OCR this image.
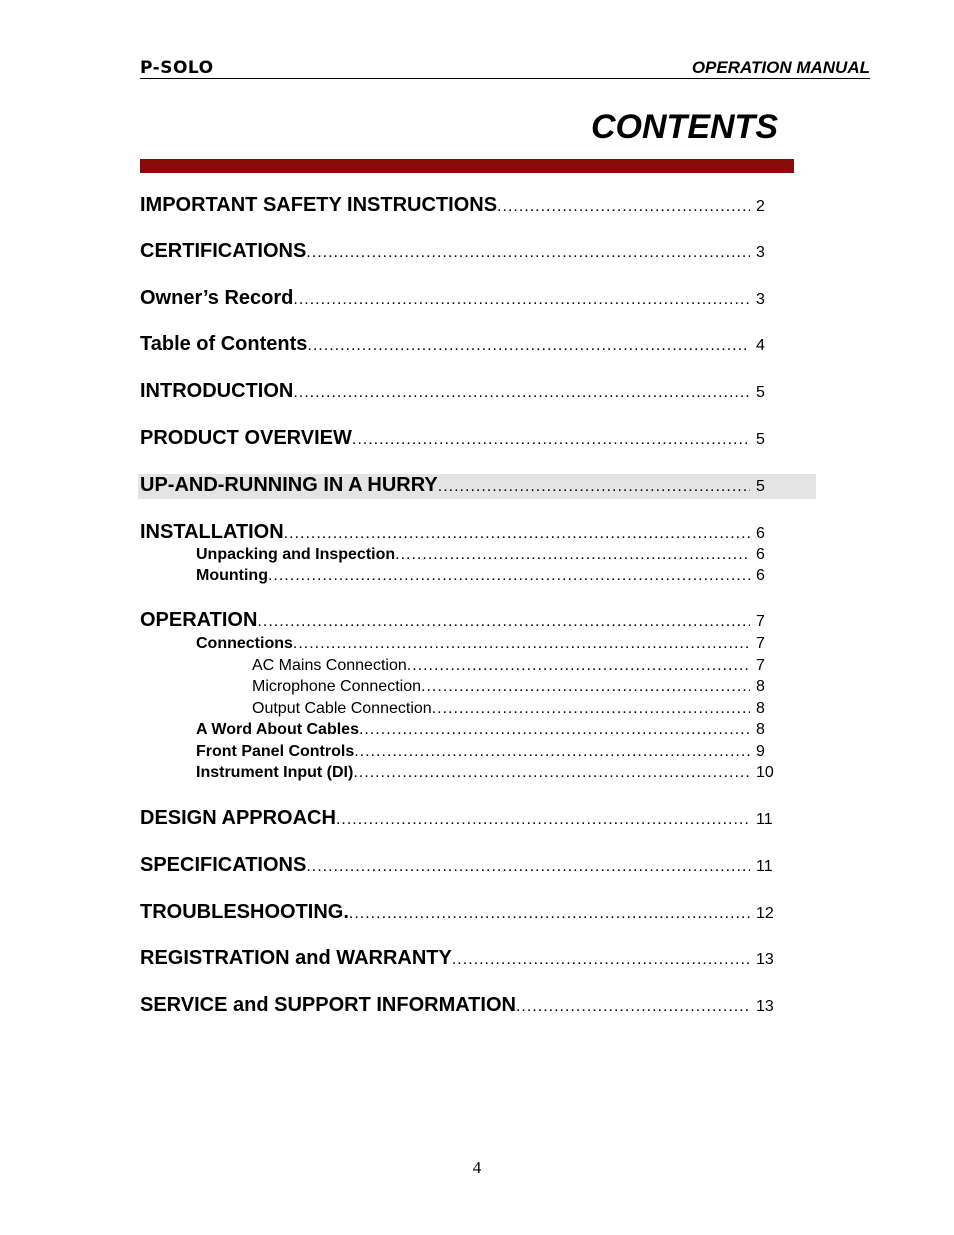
P-SOLO	OPERATION MANUAL
CONTENTS
IMPORTANT SAFETY INSTRUCTIONS .....	2
CERTIFICATIONS .....	3
Owner’s Record .....	3
Table of Contents .....	4
INTRODUCTION .....	5
PRODUCT OVERVIEW .....	5
UP-AND-RUNNING IN A HURRY .....	5
INSTALLATION .....	6
Unpacking and Inspection .....	6
Mounting .....	6
OPERATION .....	7
Connections .....	7
AC Mains Connection .....	7
Microphone Connection .....	8
Output Cable Connection .....	8
A Word About Cables .....	8
Front Panel Controls .....	9
Instrument Input (DI) .....	10
DESIGN APPROACH .....	11
SPECIFICATIONS .....	11
TROUBLESHOOTING. .....	12
REGISTRATION and WARRANTY .....	13
SERVICE and SUPPORT INFORMATION .....	13
4
